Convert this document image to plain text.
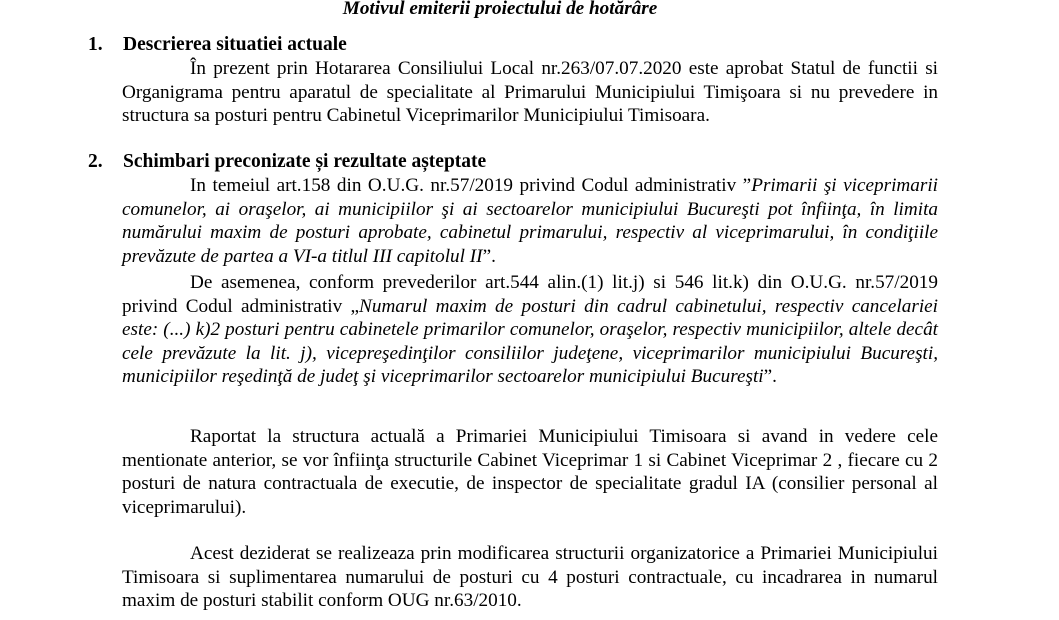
Motivul emiterii proiectului de hotărâre
1. Descrierea situatiei actuale

În prezent prin Hotararea Consiliului Local nr.263/07.07.2020 este aprobat Statul de functii si Organigrama pentru aparatul de specialitate al Primarului Municipiului Timişoara si nu prevedere in structura sa posturi pentru Cabinetul Viceprimarilor Municipiului Timisoara.

2. Schimbari preconizate și rezultate așteptate

In temeiul art.158 din O.U.G. nr.57/2019 privind Codul administrativ ”Primarii şi viceprimarii comunelor, ai oraşelor, ai municipiilor şi ai sectoarelor municipiului Bucureşti pot înfiinţa, în limita numărului maxim de posturi aprobate, cabinetul primarului, respectiv al viceprimarului, în condiţiile prevăzute de partea a VI-a titlul III capitolul II”.

De asemenea, conform prevederilor art.544 alin.(1) lit.j) si 546 lit.k) din O.U.G. nr.57/2019 privind Codul administrativ „Numarul maxim de posturi din cadrul cabinetului, respectiv cancelariei este: (...) k)2 posturi pentru cabinetele primarilor comunelor, oraşelor, respectiv municipiilor, altele decât cele prevăzute la lit. j), vicepreşedinţilor consiliilor judeţene, viceprimarilor municipiului Bucureşti, municipiilor reşedinţă de judeţ şi viceprimarilor sectoarelor municipiului Bucureşti”.

Raportat la structura actuală a Primariei Municipiului Timisoara si avand in vedere cele mentionate anterior, se vor înfiinţa structurile Cabinet Viceprimar 1 si Cabinet Viceprimar 2 , fiecare cu 2 posturi de natura contractuala de executie, de inspector de specialitate gradul IA (consilier personal al viceprimarului).

Acest deziderat se realizeaza prin modificarea structurii organizatorice a Primariei Municipiului Timisoara si suplimentarea numarului de posturi cu 4 posturi contractuale, cu incadrarea in numarul maxim de posturi stabilit conform OUG nr.63/2010.
